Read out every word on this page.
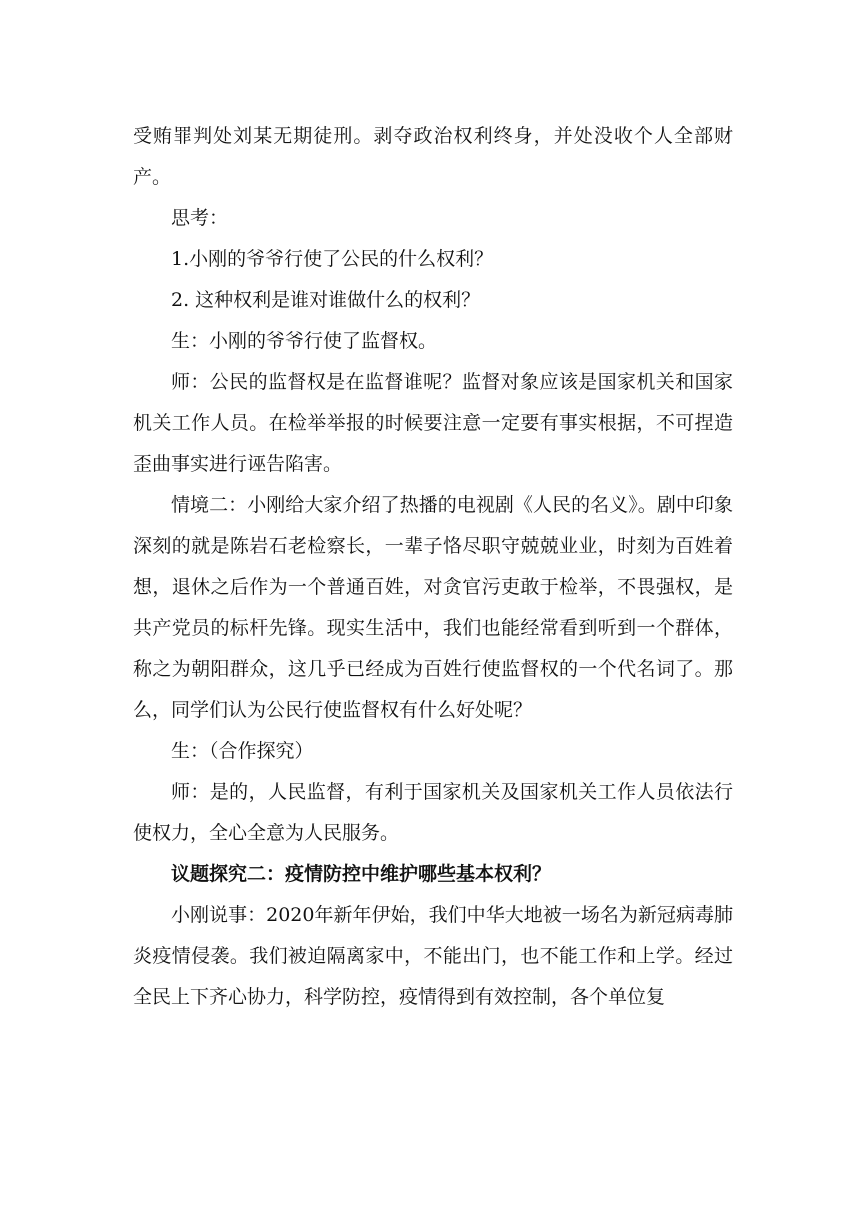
受贿罪判处刘某无期徒刑。剥夺政治权利终身，并处没收个人全部财产。

思考：

1.小刚的爷爷行使了公民的什么权利？

2. 这种权利是谁对谁做什么的权利？

生：小刚的爷爷行使了监督权。

师：公民的监督权是在监督谁呢？监督对象应该是国家机关和国家机关工作人员。在检举举报的时候要注意一定要有事实根据，不可捏造歪曲事实进行诬告陷害。

情境二：小刚给大家介绍了热播的电视剧《人民的名义》。剧中印象深刻的就是陈岩石老检察长，一辈子恪尽职守兢兢业业，时刻为百姓着想，退休之后作为一个普通百姓，对贪官污吏敢于检举，不畏强权，是共产党员的标杆先锋。现实生活中，我们也能经常看到听到一个群体，称之为朝阳群众，这几乎已经成为百姓行使监督权的一个代名词了。那么，同学们认为公民行使监督权有什么好处呢？

生：（合作探究）

师：是的，人民监督，有利于国家机关及国家机关工作人员依法行使权力，全心全意为人民服务。

议题探究二：疫情防控中维护哪些基本权利？

小刚说事：2020年新年伊始，我们中华大地被一场名为新冠病毒肺炎疫情侵袭。我们被迫隔离家中，不能出门，也不能工作和上学。经过全民上下齐心协力，科学防控，疫情得到有效控制，各个单位复
